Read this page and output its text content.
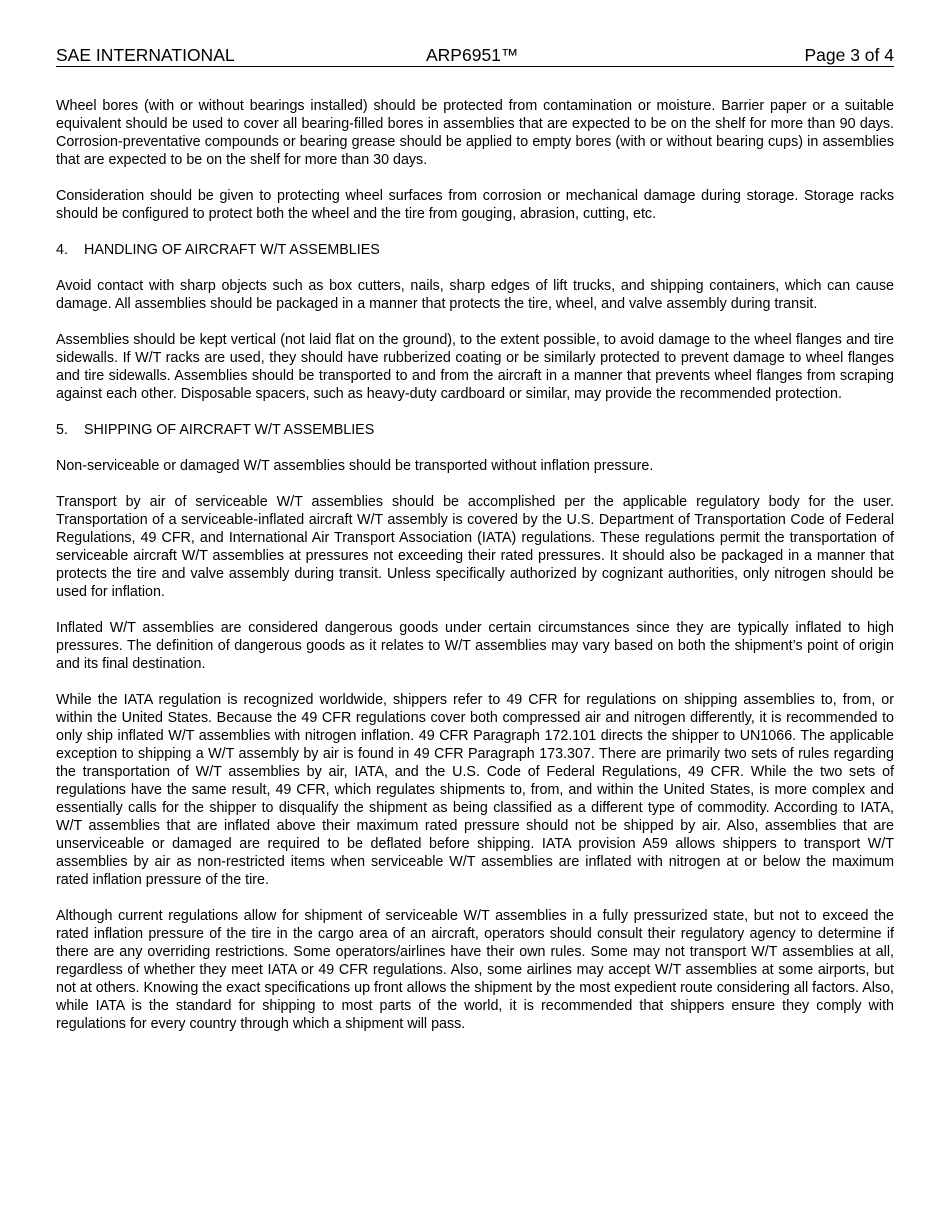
SAE INTERNATIONAL	ARP6951™	Page 3 of 4

Wheel bores (with or without bearings installed) should be protected from contamination or moisture. Barrier paper or a suitable equivalent should be used to cover all bearing-filled bores in assemblies that are expected to be on the shelf for more than 90 days. Corrosion-preventative compounds or bearing grease should be applied to empty bores (with or without bearing cups) in assemblies that are expected to be on the shelf for more than 30 days.

Consideration should be given to protecting wheel surfaces from corrosion or mechanical damage during storage. Storage racks should be configured to protect both the wheel and the tire from gouging, abrasion, cutting, etc.

4. HANDLING OF AIRCRAFT W/T ASSEMBLIES

Avoid contact with sharp objects such as box cutters, nails, sharp edges of lift trucks, and shipping containers, which can cause damage. All assemblies should be packaged in a manner that protects the tire, wheel, and valve assembly during transit.

Assemblies should be kept vertical (not laid flat on the ground), to the extent possible, to avoid damage to the wheel flanges and tire sidewalls. If W/T racks are used, they should have rubberized coating or be similarly protected to prevent damage to wheel flanges and tire sidewalls. Assemblies should be transported to and from the aircraft in a manner that prevents wheel flanges from scraping against each other. Disposable spacers, such as heavy-duty cardboard or similar, may provide the recommended protection.

5. SHIPPING OF AIRCRAFT W/T ASSEMBLIES

Non-serviceable or damaged W/T assemblies should be transported without inflation pressure.

Transport by air of serviceable W/T assemblies should be accomplished per the applicable regulatory body for the user. Transportation of a serviceable-inflated aircraft W/T assembly is covered by the U.S. Department of Transportation Code of Federal Regulations, 49 CFR, and International Air Transport Association (IATA) regulations. These regulations permit the transportation of serviceable aircraft W/T assemblies at pressures not exceeding their rated pressures. It should also be packaged in a manner that protects the tire and valve assembly during transit. Unless specifically authorized by cognizant authorities, only nitrogen should be used for inflation.

Inflated W/T assemblies are considered dangerous goods under certain circumstances since they are typically inflated to high pressures. The definition of dangerous goods as it relates to W/T assemblies may vary based on both the shipment’s point of origin and its final destination.

While the IATA regulation is recognized worldwide, shippers refer to 49 CFR for regulations on shipping assemblies to, from, or within the United States. Because the 49 CFR regulations cover both compressed air and nitrogen differently, it is recommended to only ship inflated W/T assemblies with nitrogen inflation. 49 CFR Paragraph 172.101 directs the shipper to UN1066. The applicable exception to shipping a W/T assembly by air is found in 49 CFR Paragraph 173.307. There are primarily two sets of rules regarding the transportation of W/T assemblies by air, IATA, and the U.S. Code of Federal Regulations, 49 CFR. While the two sets of regulations have the same result, 49 CFR, which regulates shipments to, from, and within the United States, is more complex and essentially calls for the shipper to disqualify the shipment as being classified as a different type of commodity. According to IATA, W/T assemblies that are inflated above their maximum rated pressure should not be shipped by air. Also, assemblies that are unserviceable or damaged are required to be deflated before shipping. IATA provision A59 allows shippers to transport W/T assemblies by air as non-restricted items when serviceable W/T assemblies are inflated with nitrogen at or below the maximum rated inflation pressure of the tire.

Although current regulations allow for shipment of serviceable W/T assemblies in a fully pressurized state, but not to exceed the rated inflation pressure of the tire in the cargo area of an aircraft, operators should consult their regulatory agency to determine if there are any overriding restrictions. Some operators/airlines have their own rules. Some may not transport W/T assemblies at all, regardless of whether they meet IATA or 49 CFR regulations. Also, some airlines may accept W/T assemblies at some airports, but not at others. Knowing the exact specifications up front allows the shipment by the most expedient route considering all factors. Also, while IATA is the standard for shipping to most parts of the world, it is recommended that shippers ensure they comply with regulations for every country through which a shipment will pass.
